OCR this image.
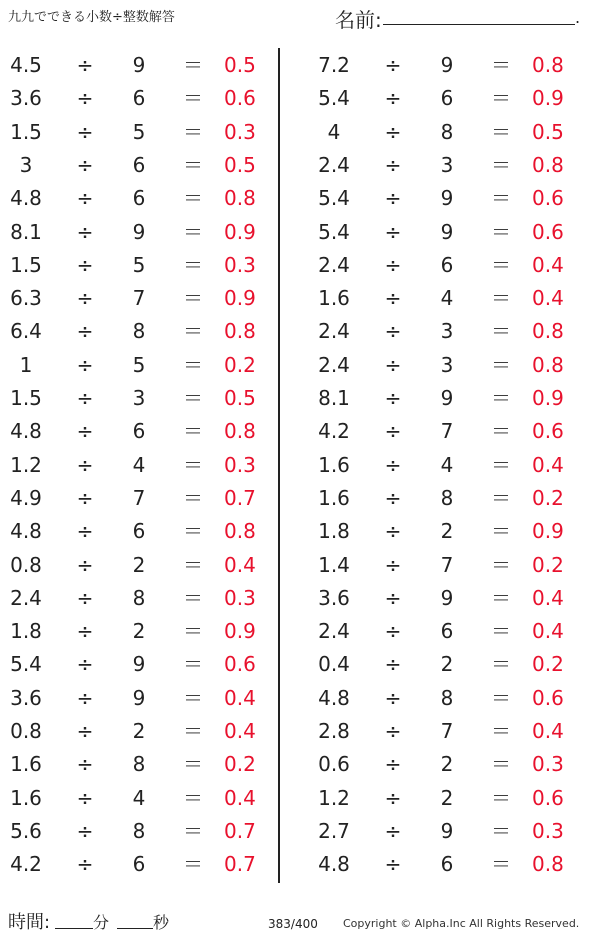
九九でできる小数÷整数解答	名前:	.
4.5	÷	9 ＝ 0.5
3.6	÷	6 ＝ 0.6
1.5	÷	5 ＝ 0.3
3	÷	6 ＝ 0.5
4.8	÷	6 ＝ 0.8
8.1	÷	9 ＝ 0.9
1.5	÷	5 ＝ 0.3
6.3	÷	7 ＝ 0.9
6.4	÷	8 ＝ 0.8
1	÷	5 ＝ 0.2
1.5	÷	3 ＝ 0.5
4.8	÷	6 ＝ 0.8
1.2	÷	4 ＝ 0.3
4.9	÷	7 ＝ 0.7
4.8	÷	6 ＝ 0.8
0.8	÷	2 ＝ 0.4
2.4	÷	8 ＝ 0.3
1.8	÷	2 ＝ 0.9
5.4	÷	9 ＝ 0.6
3.6	÷	9 ＝ 0.4
0.8	÷	2 ＝ 0.4
1.6	÷	8 ＝ 0.2
1.6	÷	4 ＝ 0.4
5.6	÷	8 ＝ 0.7
4.2	÷	6 ＝ 0.7
7.2	÷	9 ＝ 0.8
5.4	÷	6 ＝ 0.9
4	÷	8 ＝ 0.5
2.4	÷	3 ＝ 0.8
5.4	÷	9 ＝ 0.6
5.4	÷	9 ＝ 0.6
2.4	÷	6 ＝ 0.4
1.6	÷	4 ＝ 0.4
2.4	÷	3 ＝ 0.8
2.4	÷	3 ＝ 0.8
8.1	÷	9 ＝ 0.9
4.2	÷	7 ＝ 0.6
1.6	÷	4 ＝ 0.4
1.6	÷	8 ＝ 0.2
1.8	÷	2 ＝ 0.9
1.4	÷	7 ＝ 0.2
3.6	÷	9 ＝ 0.4
2.4	÷	6 ＝ 0.4
0.4	÷	2 ＝ 0.2
4.8	÷	8 ＝ 0.6
2.8	÷	7 ＝ 0.4
0.6	÷	2 ＝ 0.3
1.2	÷	2 ＝ 0.6
2.7	÷	9 ＝ 0.3
4.8	÷	6 ＝ 0.8
時間:	分	秒	383/400 Copyright © Alpha.Inc All Rights Reserved.
